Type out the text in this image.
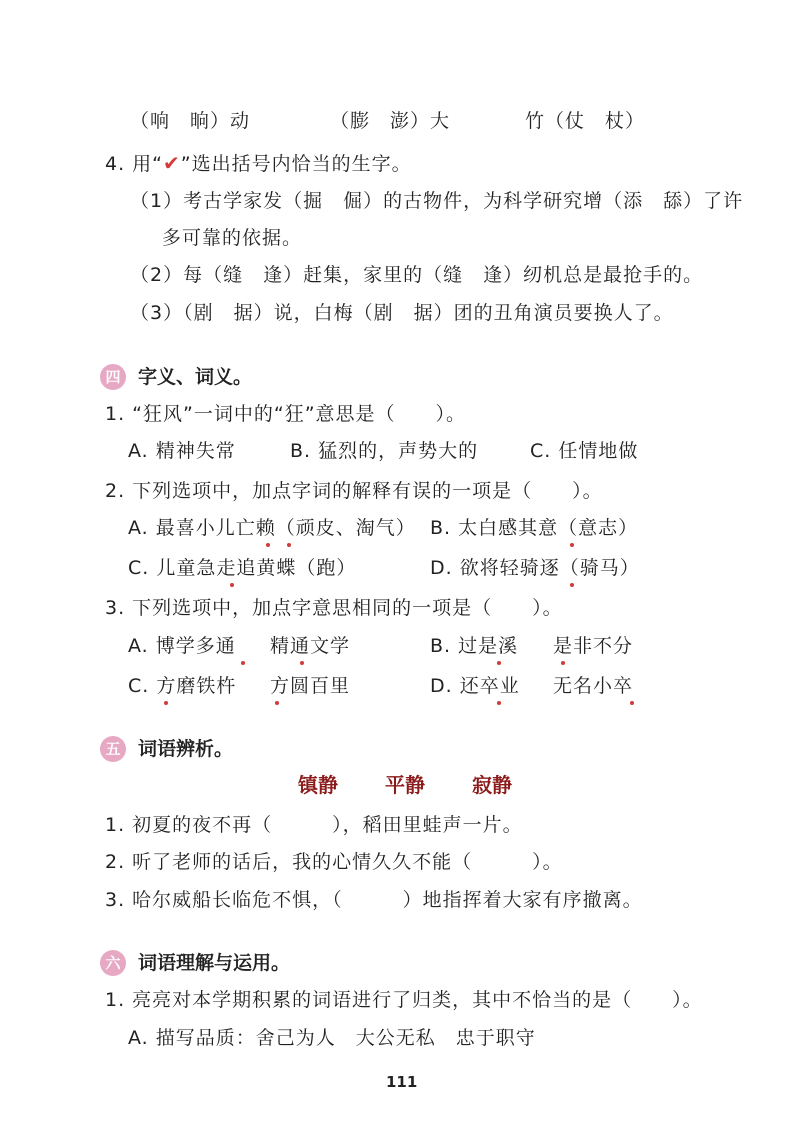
（响　晌）动	（膨　澎）大	竹（仗　杖）
4. 用“✔”选出括号内恰当的生字。
（1）考古学家发（掘　倔）的古物件，为科学研究增（添　舔）了许
多可靠的依据。
（2）每（缝　逢）赶集，家里的（缝　逢）纫机总是最抢手的。
（3）（剧　据）说，白梅（剧　据）团的丑角演员要换人了。
四 字义、词义。
1. “狂风”一词中的“狂”意思是（　　）。
A. 精神失常	B. 猛烈的，声势大的	C. 任情地做
2. 下列选项中，加点字词的解释有误的一项是（　　）。
A. 最喜小儿亡赖（顽皮、淘气） B. 太白感其意（意志）
C. 儿童急走追黄蝶（跑）	D. 欲将轻骑逐（骑马）
3. 下列选项中，加点字意思相同的一项是（　　）。
A. 博学多通 精通文学	B. 过是溪 是非不分
C. 方磨铁杵 方圆百里	D. 还卒业 无名小卒
五 词语辨析。
镇静 平静 寂静
1. 初夏的夜不再（　　　），稻田里蛙声一片。
2. 听了老师的话后，我的心情久久不能（　　　）。
3. 哈尔威船长临危不惧，（　　　）地指挥着大家有序撤离。
六 词语理解与运用。
1. 亮亮对本学期积累的词语进行了归类，其中不恰当的是（　　）。
A. 描写品质：舍己为人　大公无私　忠于职守
111
